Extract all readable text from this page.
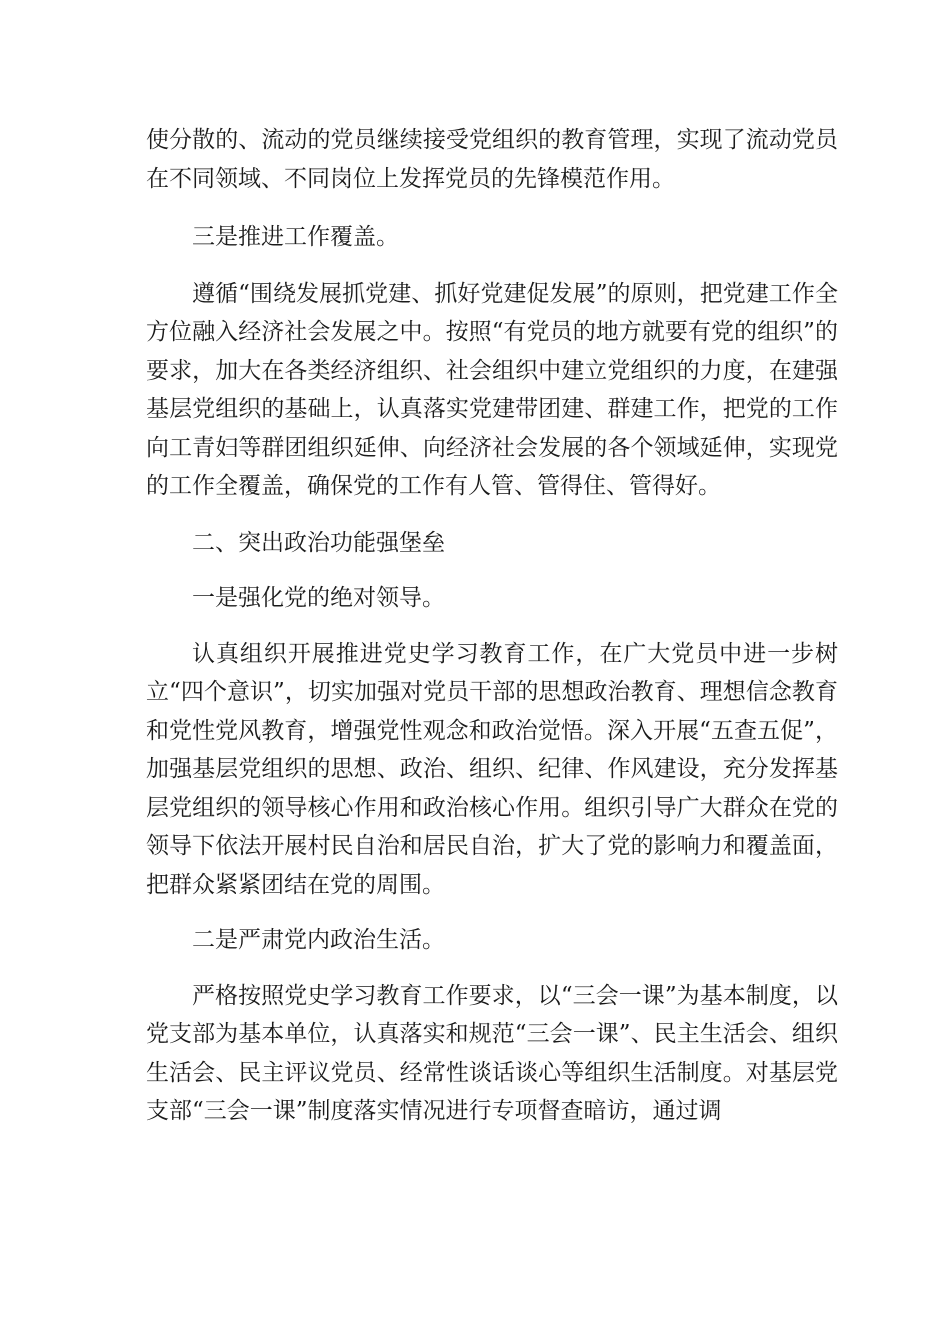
使分散的、流动的党员继续接受党组织的教育管理，实现了流动党员在不同领域、不同岗位上发挥党员的先锋模范作用。

三是推进工作覆盖。

遵循“围绕发展抓党建、抓好党建促发展”的原则，把党建工作全方位融入经济社会发展之中。按照“有党员的地方就要有党的组织”的要求，加大在各类经济组织、社会组织中建立党组织的力度，在建强基层党组织的基础上，认真落实党建带团建、群建工作，把党的工作向工青妇等群团组织延伸、向经济社会发展的各个领域延伸，实现党的工作全覆盖，确保党的工作有人管、管得住、管得好。

二、突出政治功能强堡垒

一是强化党的绝对领导。

认真组织开展推进党史学习教育工作，在广大党员中进一步树立“四个意识”，切实加强对党员干部的思想政治教育、理想信念教育和党性党风教育，增强党性观念和政治觉悟。深入开展“五查五促”，加强基层党组织的思想、政治、组织、纪律、作风建设，充分发挥基层党组织的领导核心作用和政治核心作用。组织引导广大群众在党的领导下依法开展村民自治和居民自治，扩大了党的影响力和覆盖面，把群众紧紧团结在党的周围。

二是严肃党内政治生活。

严格按照党史学习教育工作要求，以“三会一课”为基本制度，以党支部为基本单位，认真落实和规范“三会一课”、民主生活会、组织生活会、民主评议党员、经常性谈话谈心等组织生活制度。对基层党支部“三会一课”制度落实情况进行专项督查暗访，通过调
